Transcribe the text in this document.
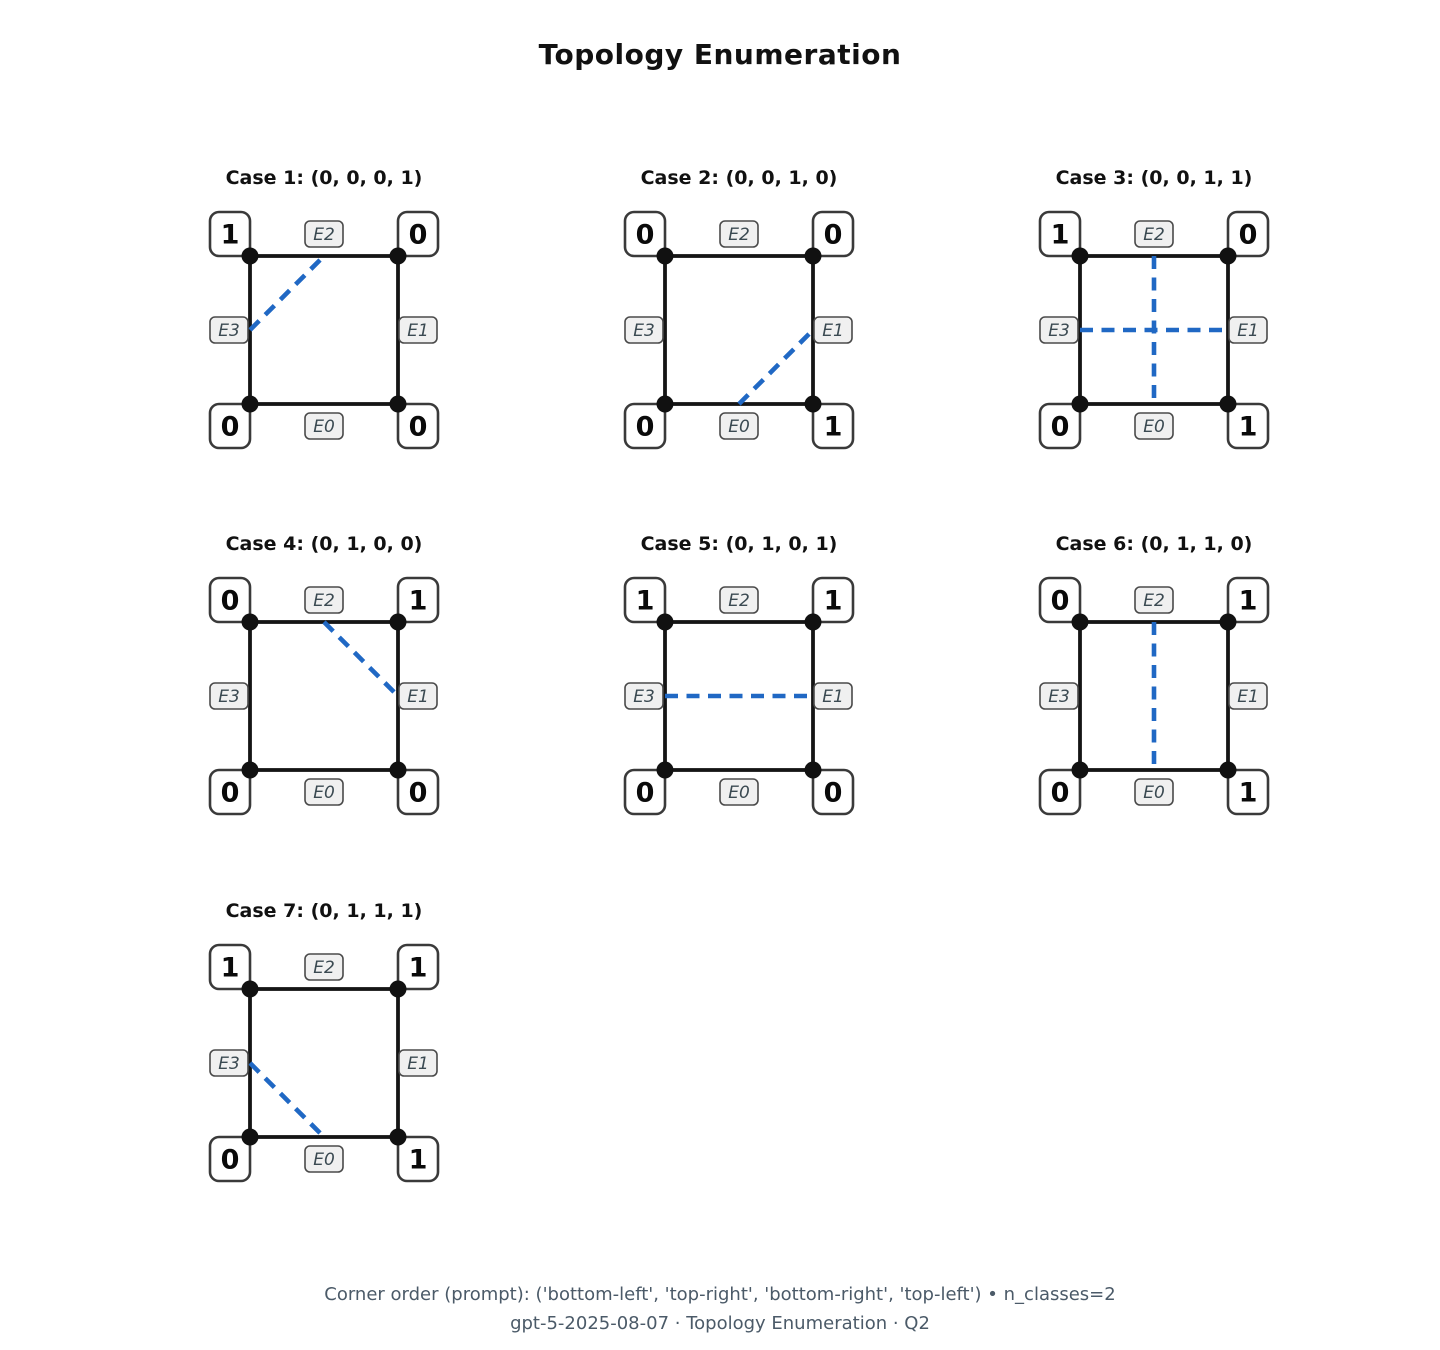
Topology Enumeration
Case 1: (0, 0, 0, 1)
1	0
0	0
E0
E1
E2
E3
Case 2: (0, 0, 1, 0)
0	0
0	1
E0
E1
E2
E3
Case 3: (0, 0, 1, 1)
1	0
0	1
E0
E1
E2
E3
Case 4: (0, 1, 0, 0)
0	1
0	0
E0
E1
E2
E3
Case 5: (0, 1, 0, 1)
1	1
0	0
E0
E1
E2
E3
Case 6: (0, 1, 1, 0)
0	1
0	1
E0
E1
E2
E3
Case 7: (0, 1, 1, 1)
1	1
0	1
E0
E1
E2
E3
Corner order (prompt): ('bottom-left', 'top-right', 'bottom-right', 'top-left') • n_classes=2
gpt-5-2025-08-07 · Topology Enumeration · Q2
